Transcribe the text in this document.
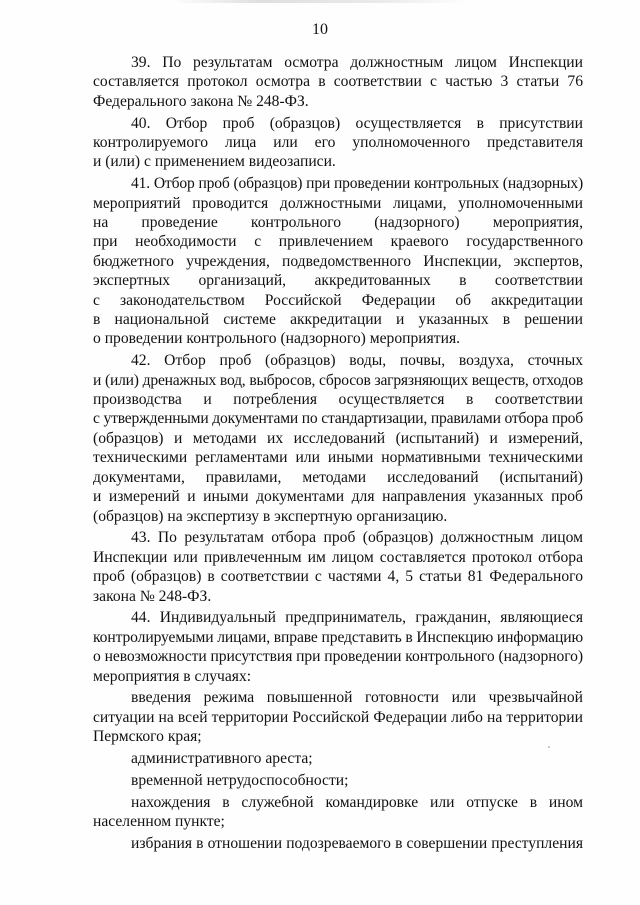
10
39. По результатам осмотра должностным лицом Инспекции
составляется протокол осмотра в соответствии с частью 3 статьи 76
Федерального закона № 248-ФЗ.
40. Отбор проб (образцов) осуществляется в присутствии
контролируемого лица или его уполномоченного представителя
и (или) с применением видеозаписи.
41. Отбор проб (образцов) при проведении контрольных (надзорных)
мероприятий проводится должностными лицами, уполномоченными
на проведение контрольного (надзорного) мероприятия,
при необходимости с привлечением краевого государственного
бюджетного учреждения, подведомственного Инспекции, экспертов,
экспертных организаций, аккредитованных в соответствии
с законодательством Российской Федерации об аккредитации
в национальной системе аккредитации и указанных в решении
о проведении контрольного (надзорного) мероприятия.
42. Отбор проб (образцов) воды, почвы, воздуха, сточных
и (или) дренажных вод, выбросов, сбросов загрязняющих веществ, отходов
производства и потребления осуществляется в соответствии
с утвержденными документами по стандартизации, правилами отбора проб
(образцов) и методами их исследований (испытаний) и измерений,
техническими регламентами или иными нормативными техническими
документами, правилами, методами исследований (испытаний)
и измерений и иными документами для направления указанных проб
(образцов) на экспертизу в экспертную организацию.
43. По результатам отбора проб (образцов) должностным лицом
Инспекции или привлеченным им лицом составляется протокол отбора
проб (образцов) в соответствии с частями 4, 5 статьи 81 Федерального
закона № 248-ФЗ.
44. Индивидуальный предприниматель, гражданин, являющиеся
контролируемыми лицами, вправе представить в Инспекцию информацию
о невозможности присутствия при проведении контрольного (надзорного)
мероприятия в случаях:
введения режима повышенной готовности или чрезвычайной
ситуации на всей территории Российской Федерации либо на территории
Пермского края;
административного ареста;
временной нетрудоспособности;
нахождения в служебной командировке или отпуске в ином
населенном пункте;
избрания в отношении подозреваемого в совершении преступления
